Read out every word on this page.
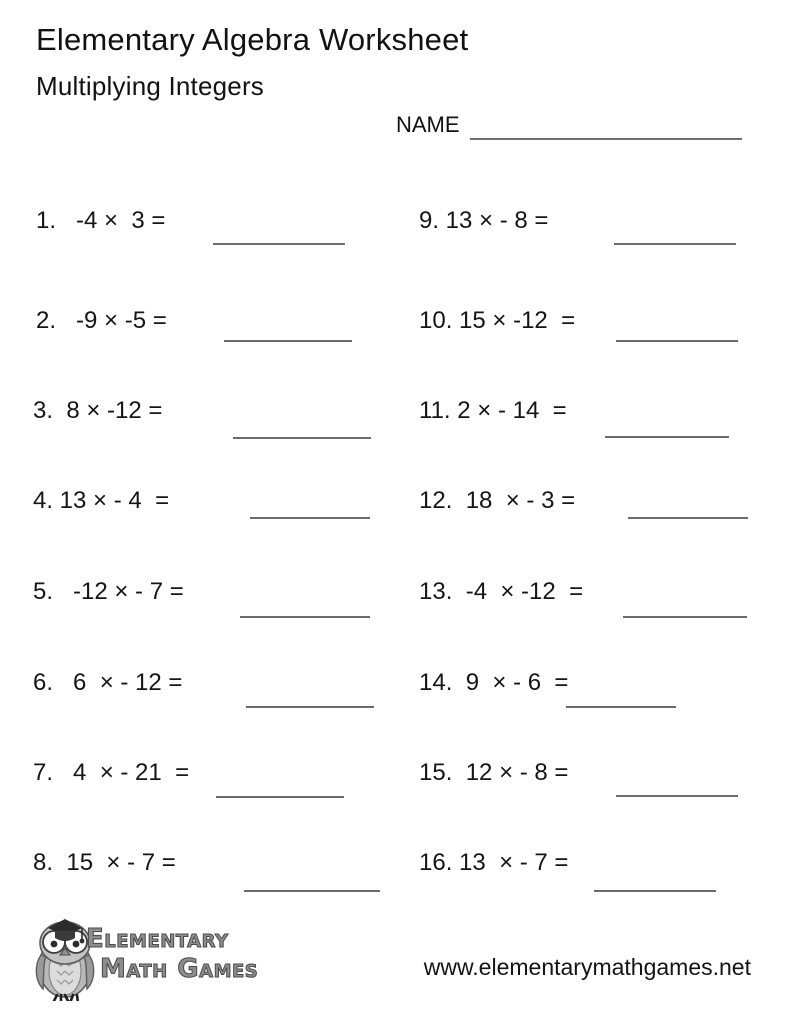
Elementary Algebra Worksheet
Multiplying Integers
NAME
1.   -4 ×  3 =
2.   -9 × -5 =
3.  8 × -12 =
4. 13 × - 4  =
5.   -12 × - 7 =
6.   6  × - 12 =
7.   4  × - 21  =
8.  15  × - 7 =
9. 13 × - 8 =
10. 15 × -12  =
11. 2 × - 14  =
12.  18  × - 3 =
13.  -4  × -12  =
14.  9  × - 6  =
15.  12 × - 8 =
16. 13  × - 7 =
Elementary
Math Games	www.elementarymathgames.net
